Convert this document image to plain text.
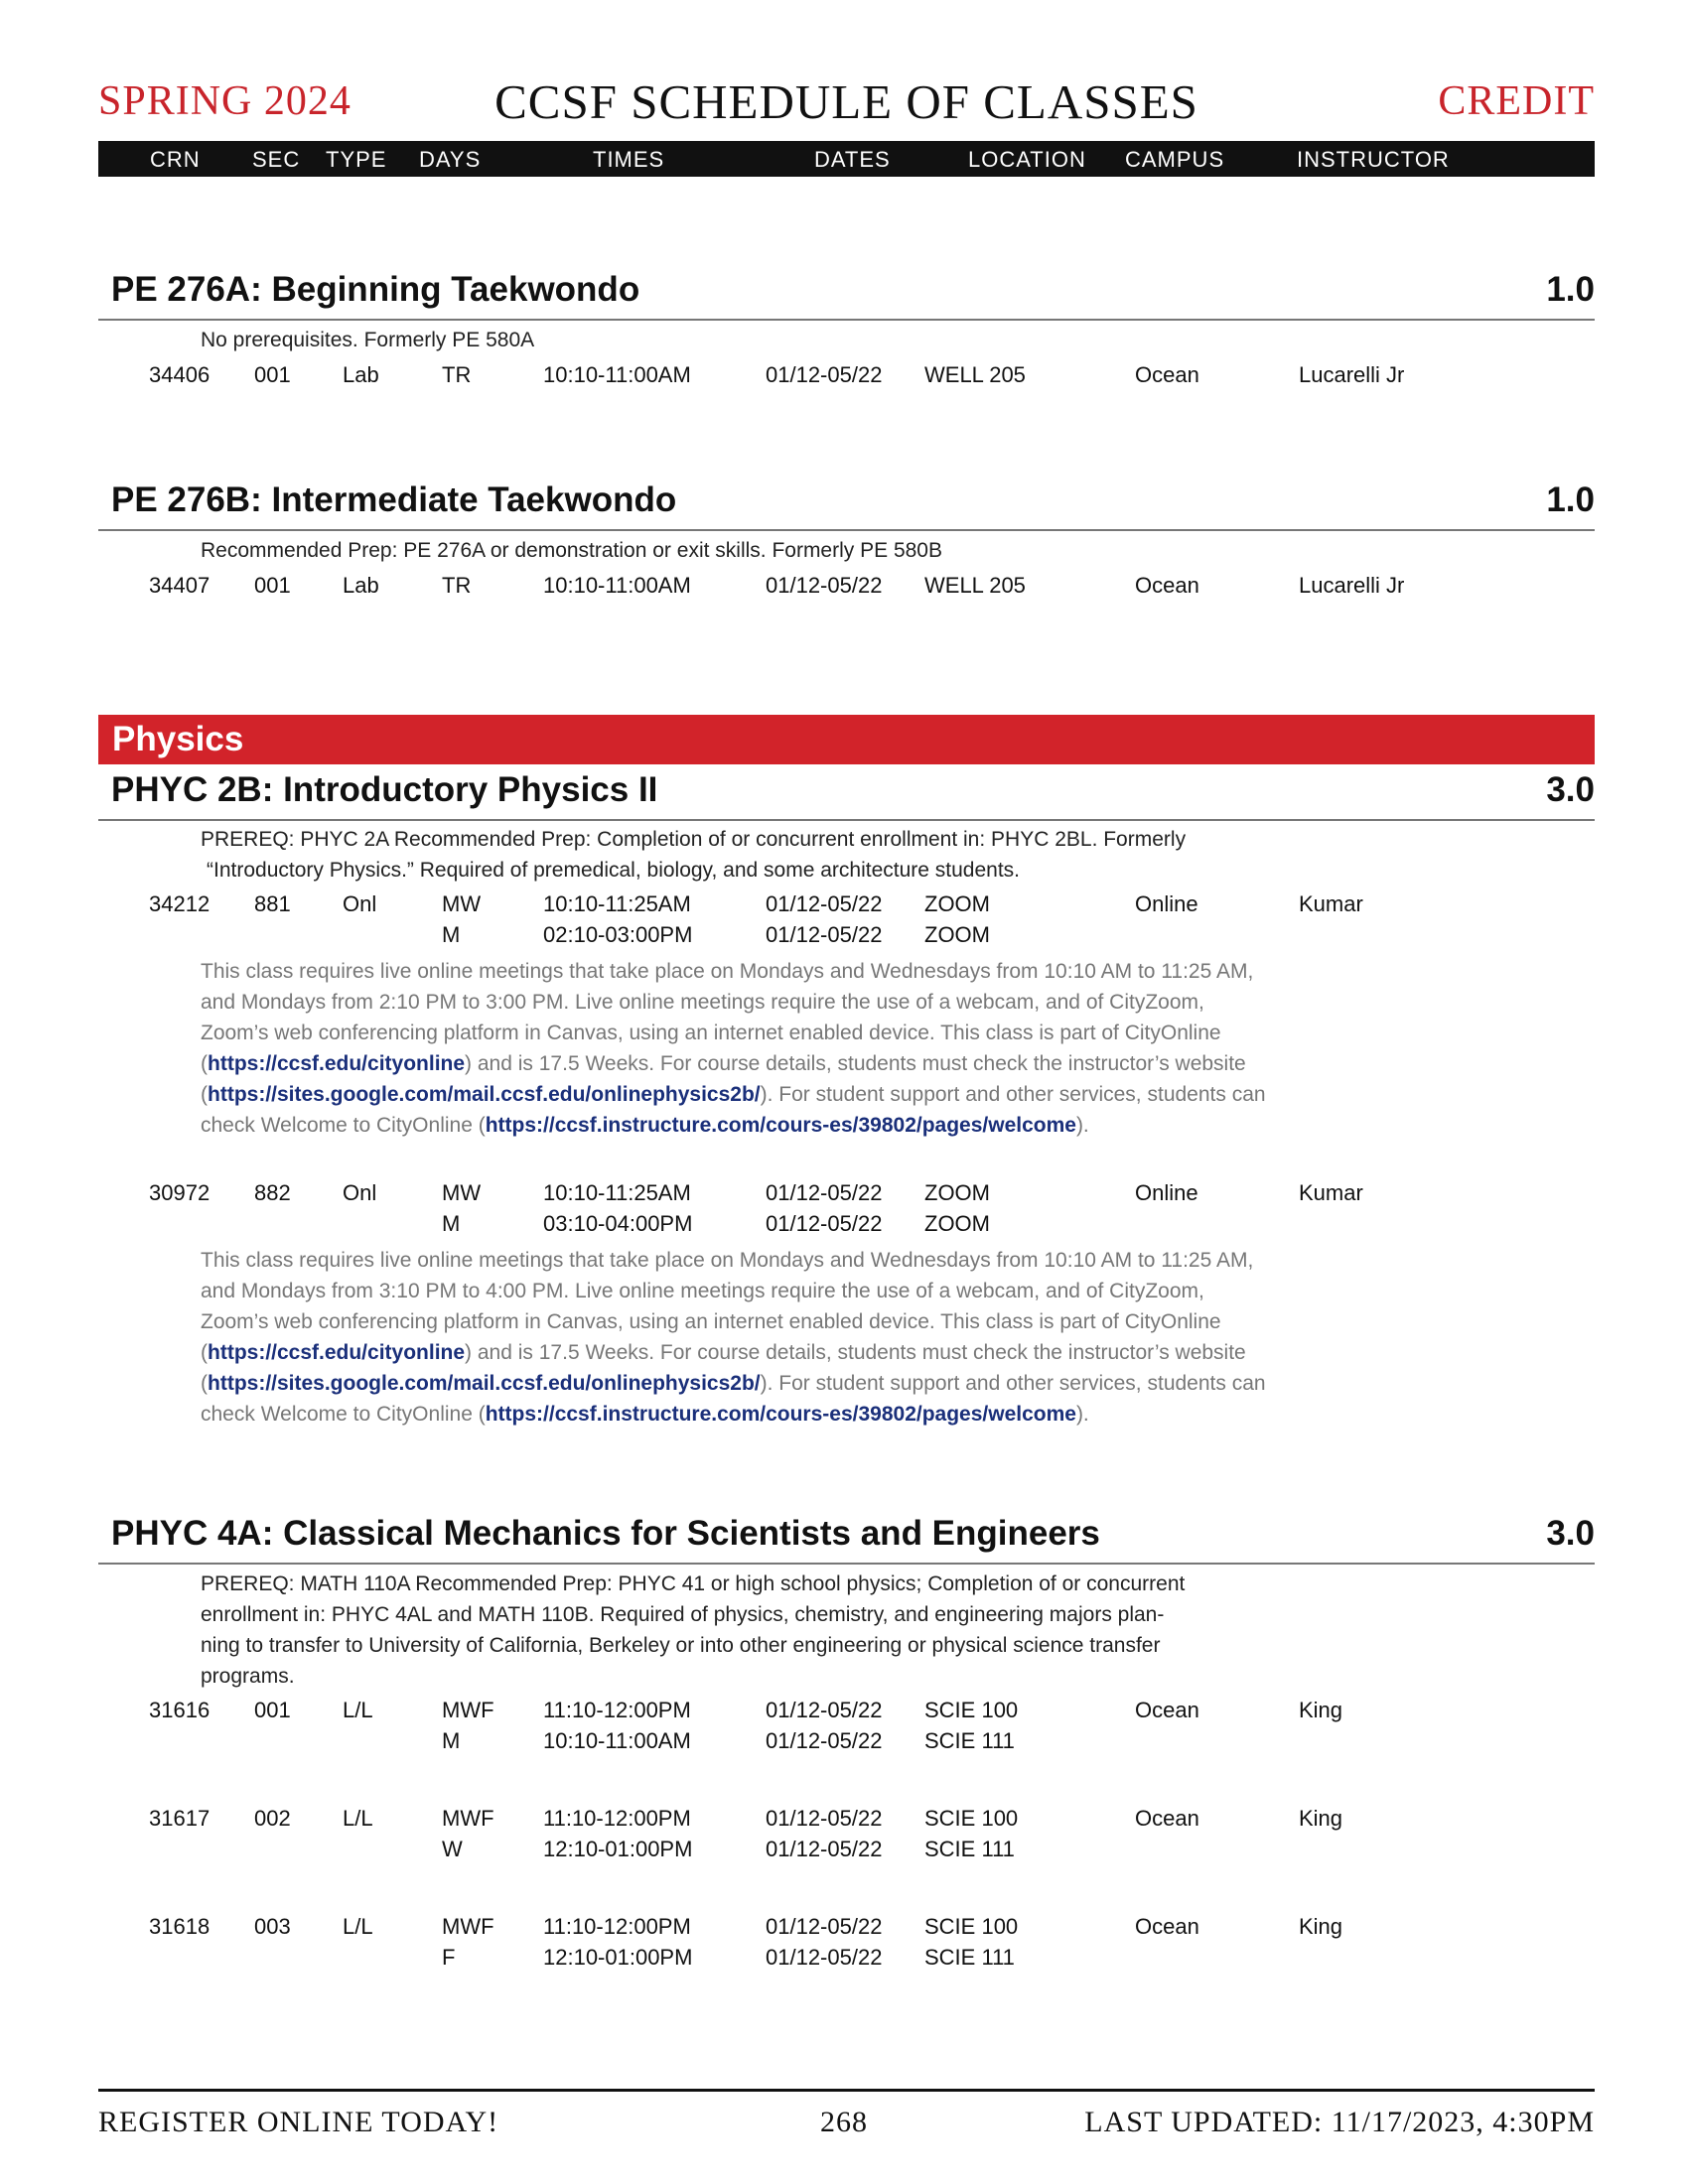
SPRING 2024	CCSF SCHEDULE OF CLASSES	CREDIT
CRN SEC TYPE DAYS	TIMES	DATES	LOCATION CAMPUS	INSTRUCTOR
PE 276A: Beginning Taekwondo	1.0
No prerequisites. Formerly PE 580A
34406 001 Lab	TR	10:10-11:00AM	01/12-05/22 WELL 205	Ocean	Lucarelli Jr
PE 276B: Intermediate Taekwondo	1.0
Recommended Prep: PE 276A or demonstration or exit skills. Formerly PE 580B
34407 001 Lab	TR	10:10-11:00AM	01/12-05/22 WELL 205	Ocean	Lucarelli Jr
Physics
PHYC 2B: Introductory Physics II	3.0
PREREQ: PHYC 2A Recommended Prep: Completion of or concurrent enrollment in: PHYC 2BL. Formerly
“Introductory Physics.” Required of premedical, biology, and some architecture students.
34212 881 Onl	MW	10:10-11:25AM	01/12-05/22 ZOOM	Online	Kumar
M	02:10-03:00PM	01/12-05/22 ZOOM
This class requires live online meetings that take place on Mondays and Wednesdays from 10:10 AM to 11:25 AM, and Mondays from 2:10 PM to 3:00 PM. Live online meetings require the use of a webcam, and of CityZoom, Zoom’s web conferencing platform in Canvas, using an internet enabled device. This class is part of CityOnline (https://ccsf.edu/cityonline) and is 17.5 Weeks. For course details, students must check the instructor’s website (https://sites.google.com/mail.ccsf.edu/onlinephysics2b/). For student support and other services, students can check Welcome to CityOnline (https://ccsf.instructure.com/cours-es/39802/pages/welcome).
30972 882 Onl	MW	10:10-11:25AM	01/12-05/22 ZOOM	Online	Kumar
M	03:10-04:00PM	01/12-05/22 ZOOM
This class requires live online meetings that take place on Mondays and Wednesdays from 10:10 AM to 11:25 AM, and Mondays from 3:10 PM to 4:00 PM. Live online meetings require the use of a webcam, and of CityZoom, Zoom’s web conferencing platform in Canvas, using an internet enabled device. This class is part of CityOnline (https://ccsf.edu/cityonline) and is 17.5 Weeks. For course details, students must check the instructor’s website (https://sites.google.com/mail.ccsf.edu/onlinephysics2b/). For student support and other services, students can check Welcome to CityOnline (https://ccsf.instructure.com/cours-es/39802/pages/welcome).
PHYC 4A: Classical Mechanics for Scientists and Engineers	3.0
PREREQ: MATH 110A Recommended Prep: PHYC 41 or high school physics; Completion of or concurrent
enrollment in: PHYC 4AL and MATH 110B. Required of physics, chemistry, and engineering majors plan-
ning to transfer to University of California, Berkeley or into other engineering or physical science transfer
programs.
31616 001 L/L	MWF 11:10-12:00PM	01/12-05/22 SCIE 100	Ocean	King
M	10:10-11:00AM	01/12-05/22 SCIE 111
31617 002 L/L	MWF 11:10-12:00PM	01/12-05/22 SCIE 100	Ocean	King
W	12:10-01:00PM	01/12-05/22 SCIE 111
31618 003 L/L	MWF 11:10-12:00PM	01/12-05/22 SCIE 100	Ocean	King
F	12:10-01:00PM	01/12-05/22 SCIE 111
REGISTER ONLINE TODAY!	268	LAST UPDATED: 11/17/2023, 4:30PM
